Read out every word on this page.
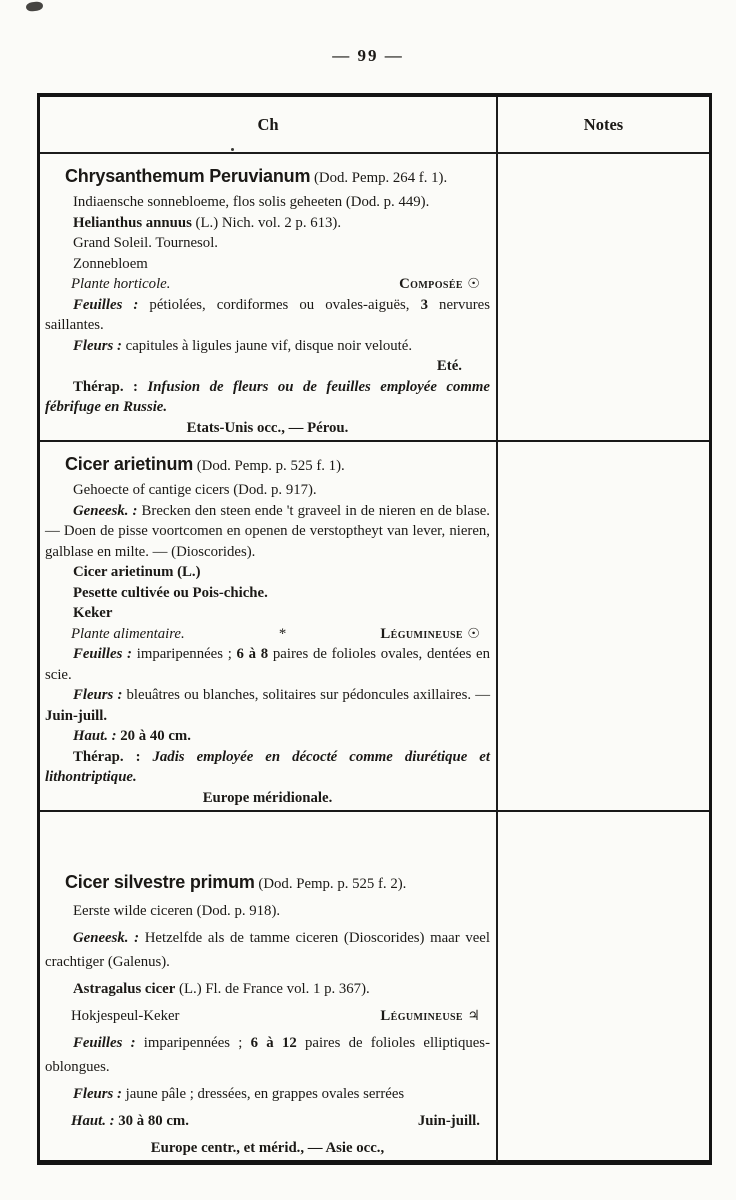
— 99 —
Ch	Notes
Chrysanthemum Peruvianum (Dod. Pemp. 264 f. 1).
Indiaensche sonnebloeme, flos solis geheeten (Dod. p. 449).
Helianthus annuus (L.) Nich. vol. 2 p. 613).
Grand Soleil. Tournesol.
Zonnebloem
Plante horticole.	Composée ☉
Feuilles : pétiolées, cordiformes ou ovales-aiguës, 3 nervures saillantes.
Fleurs : capitules à ligules jaune vif, disque noir velouté.
Eté.
Thérap. : Infusion de fleurs ou de feuilles employée comme fébrifuge en Russie.
Etats-Unis occ., — Pérou.
Cicer arietinum (Dod. Pemp. p. 525 f. 1).
Gehoecte of cantige cicers (Dod. p. 917).
Geneesk. : Brecken den steen ende 't graveel in de nieren en de blase. — Doen de pisse voortcomen en openen de verstoptheyt van lever, nieren, galblase en milte. — (Dioscorides).
Cicer arietinum (L.)
Pesette cultivée ou Pois-chiche.
Keker
Plante alimentaire.	*	Légumineuse ☉
Feuilles : imparipennées ; 6 à 8 paires de folioles ovales, dentées en scie.
Fleurs : bleuâtres ou blanches, solitaires sur pédoncules axillaires. — Juin-juill.
Haut. : 20 à 40 cm.
Thérap. : Jadis employée en décocté comme diurétique et lithontriptique.
Europe méridionale.
Cicer silvestre primum (Dod. Pemp. p. 525 f. 2).
Eerste wilde ciceren (Dod. p. 918).
Geneesk. : Hetzelfde als de tamme ciceren (Dioscorides) maar veel crachtiger (Galenus).
Astragalus cicer (L.) Fl. de France vol. 1 p. 367).
Hokjespeul-Keker	Légumineuse ♃
Feuilles : imparipennées ; 6 à 12 paires de folioles elliptiques-oblongues.
Fleurs : jaune pâle ; dressées, en grappes ovales serrées
Haut. : 30 à 80 cm.	Juin-juill.
Europe centr., et mérid., — Asie occ.,
